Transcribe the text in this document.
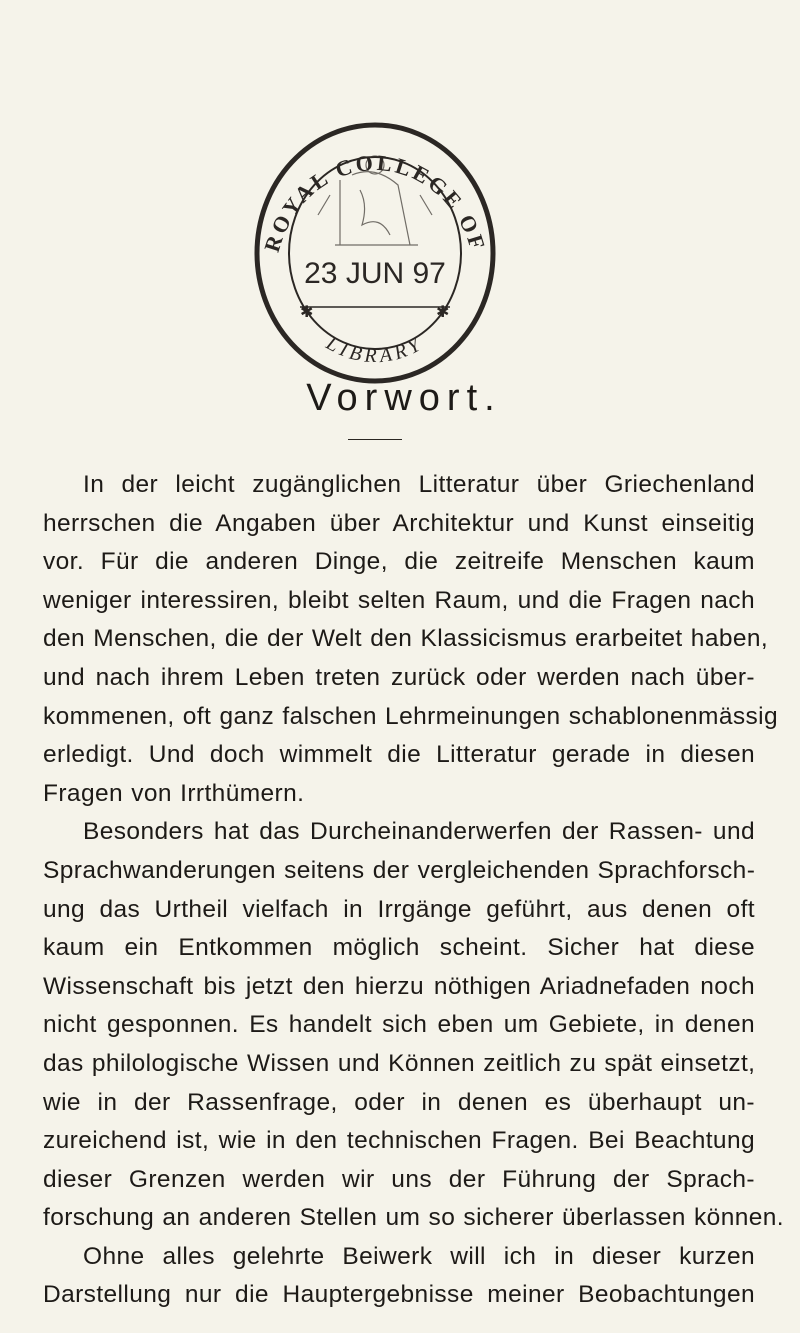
23 JUN 97
ROYAL COLLEGE OF
LIBRARY
✱	✱
Vorwort.
In der leicht zugänglichen Litteratur über Griechenland
herrschen die Angaben über Architektur und Kunst einseitig
vor. Für die anderen Dinge, die zeitreife Menschen kaum
weniger interessiren, bleibt selten Raum, und die Fragen nach
den Menschen, die der Welt den Klassicismus erarbeitet haben,
und nach ihrem Leben treten zurück oder werden nach über-
kommenen, oft ganz falschen Lehrmeinungen schablonenmässig
erledigt. Und doch wimmelt die Litteratur gerade in diesen
Fragen von Irrthümern.
Besonders hat das Durcheinanderwerfen der Rassen- und
Sprachwanderungen seitens der vergleichenden Sprachforsch-
ung das Urtheil vielfach in Irrgänge geführt, aus denen oft
kaum ein Entkommen möglich scheint. Sicher hat diese
Wissenschaft bis jetzt den hierzu nöthigen Ariadnefaden noch
nicht gesponnen. Es handelt sich eben um Gebiete, in denen
das philologische Wissen und Können zeitlich zu spät einsetzt,
wie in der Rassenfrage, oder in denen es überhaupt un-
zureichend ist, wie in den technischen Fragen. Bei Beachtung
dieser Grenzen werden wir uns der Führung der Sprach-
forschung an anderen Stellen um so sicherer überlassen können.
Ohne alles gelehrte Beiwerk will ich in dieser kurzen
Darstellung nur die Hauptergebnisse meiner Beobachtungen
